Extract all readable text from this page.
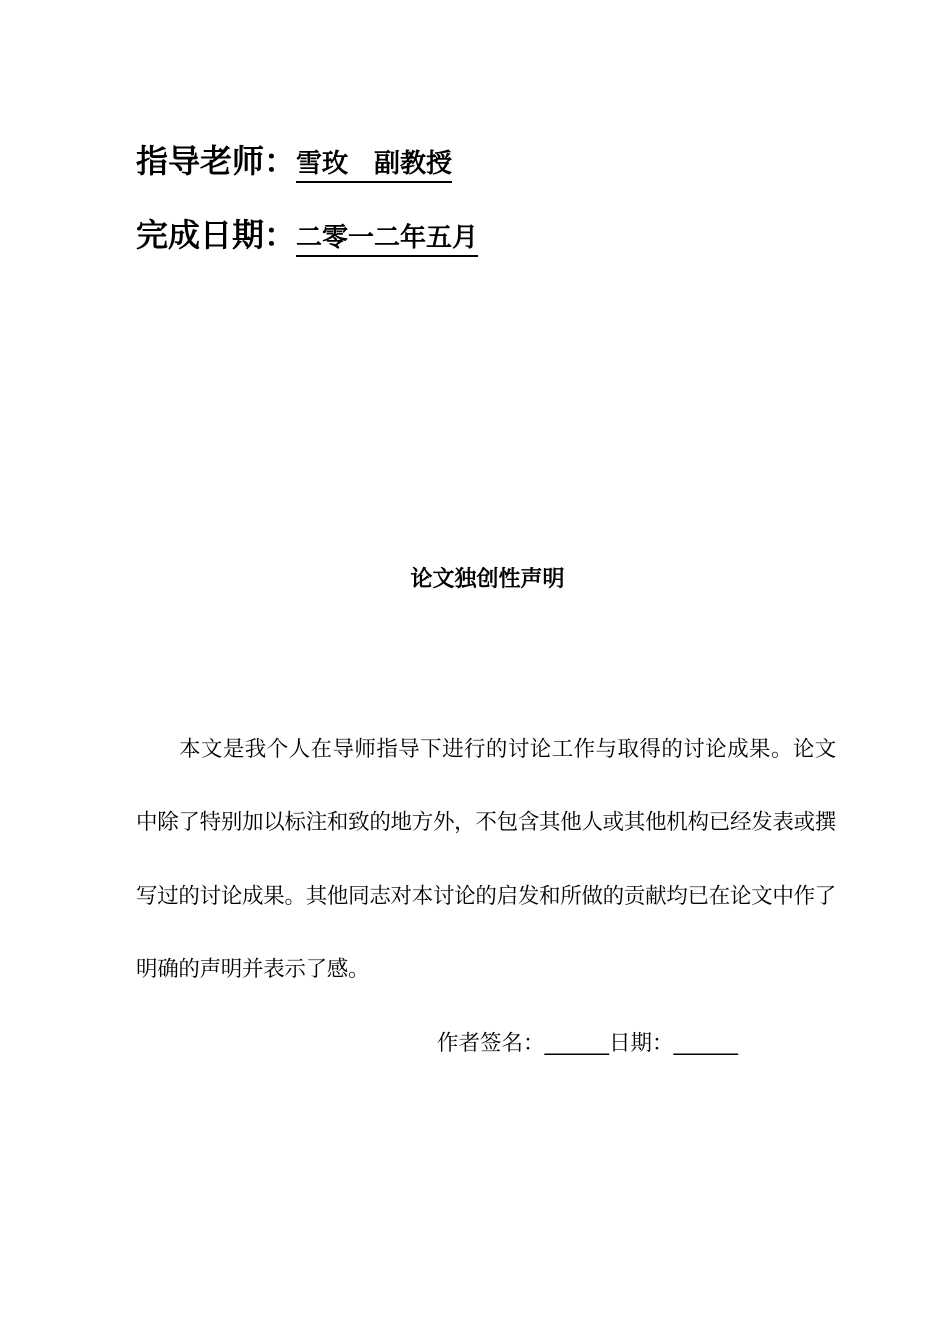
指导老师： 雪玫　副教授
完成日期： 二零一二年五月
论文独创性声明

本文是我个人在导师指导下进行的讨论工作与取得的讨论成果。论文中除了特别加以标注和致的地方外，不包含其他人或其他机构已经发表或撰写过的讨论成果。其他同志对本讨论的启发和所做的贡献均已在论文中作了明确的声明并表示了感。

作者签名：______日期：______
